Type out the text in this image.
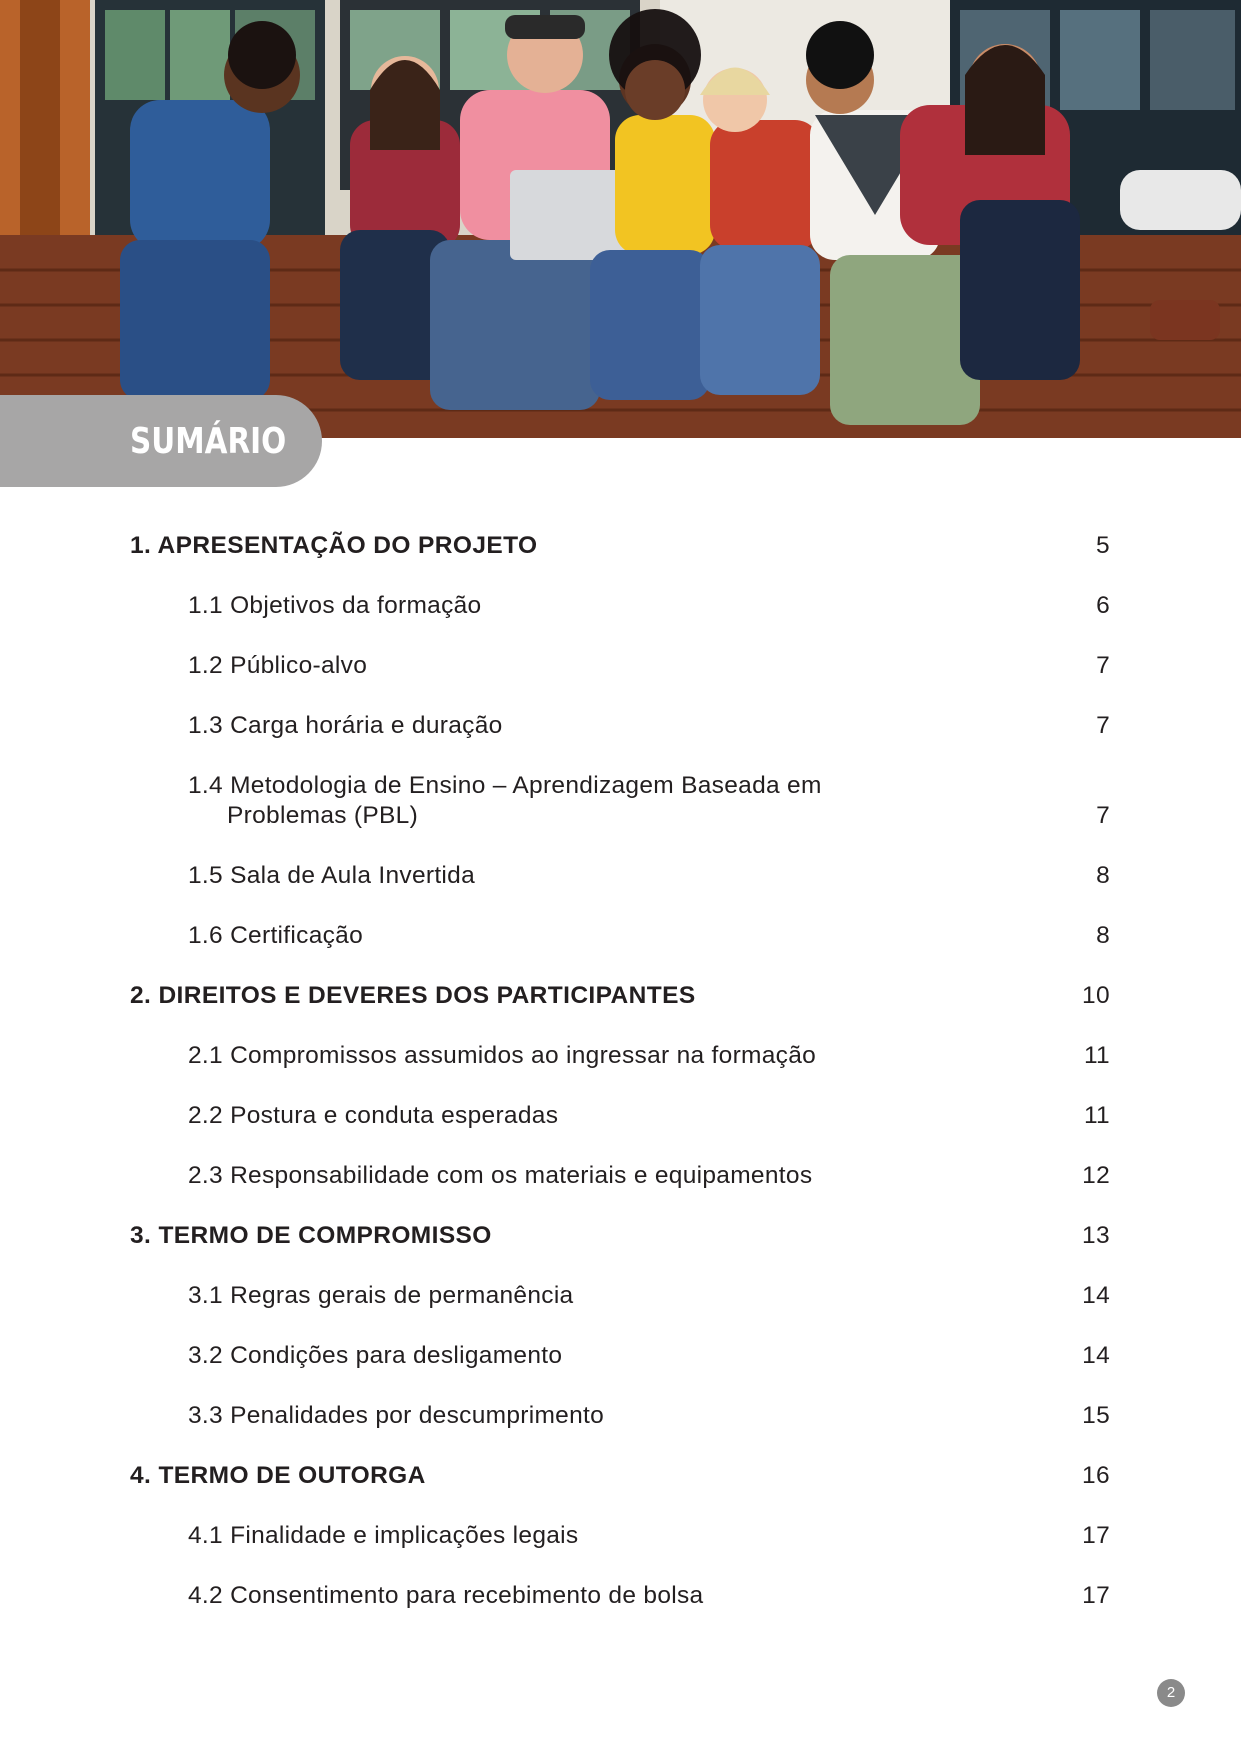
SUMÁRIO
1. APRESENTAÇÃO DO PROJETO	5
1.1 Objetivos da formação	6
1.2 Público-alvo	7
1.3 Carga horária e duração	7
1.4 Metodologia de Ensino – Aprendizagem Baseada em
Problemas (PBL)	7
1.5 Sala de Aula Invertida	8
1.6 Certificação	8
2. DIREITOS E DEVERES DOS PARTICIPANTES	10
2.1 Compromissos assumidos ao ingressar na formação	11
2.2 Postura e conduta esperadas	11
2.3 Responsabilidade com os materiais e equipamentos	12
3. TERMO DE COMPROMISSO	13
3.1 Regras gerais de permanência	14
3.2 Condições para desligamento	14
3.3 Penalidades por descumprimento	15
4. TERMO DE OUTORGA	16
4.1 Finalidade e implicações legais	17
4.2 Consentimento para recebimento de bolsa	17
2
